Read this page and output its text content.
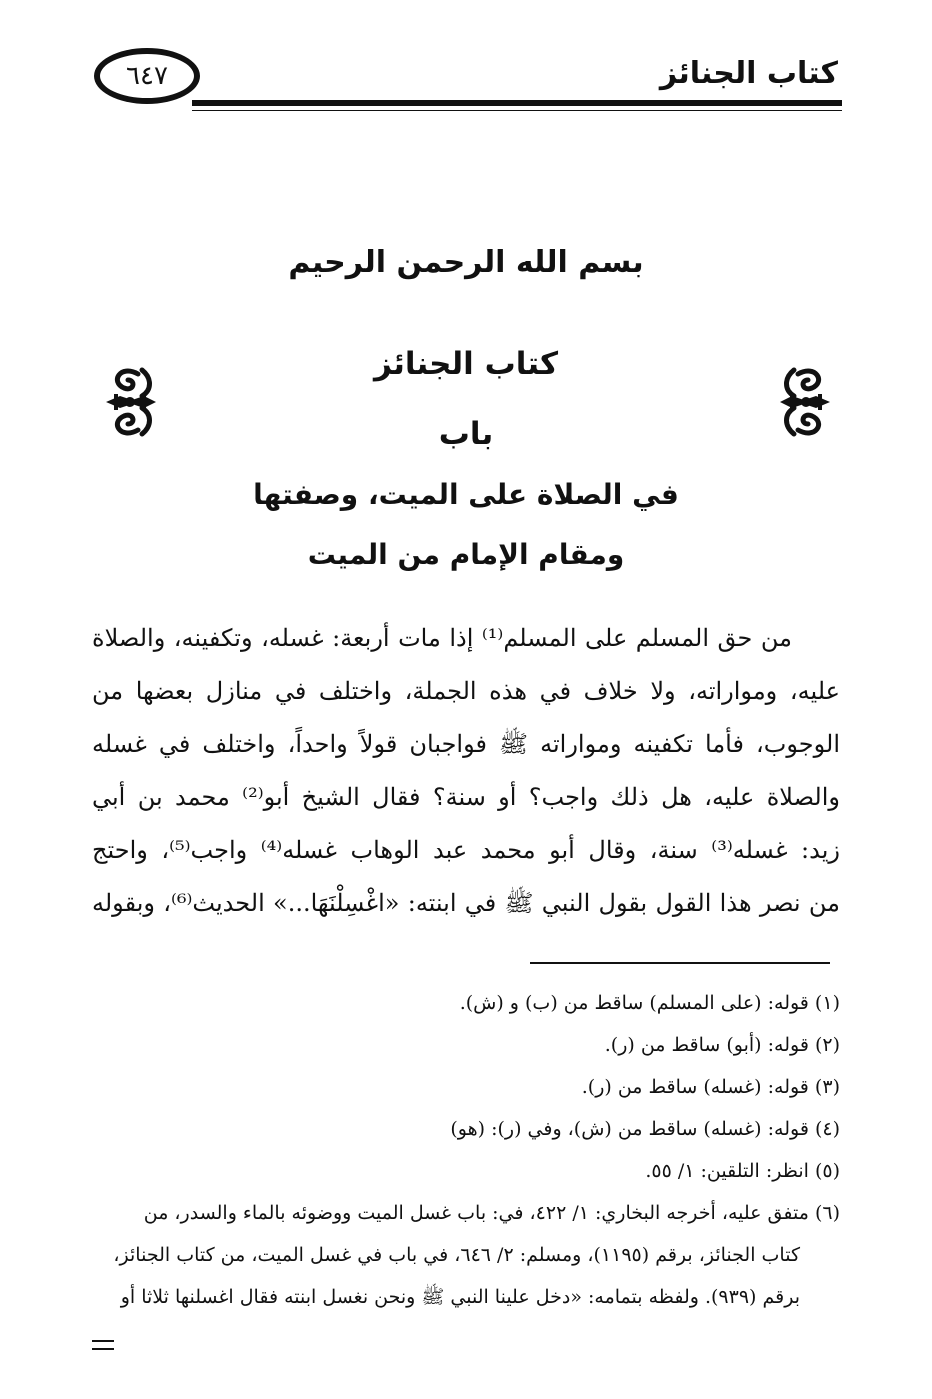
٦٤٧	كتاب الجنائز
بسم الله الرحمن الرحيم
كتاب الجنائز
باب
في الصلاة على الميت، وصفتها
ومقام الإمام من الميت
من حق المسلم على المسلم⁽¹⁾ إذا مات أربعة: غسله، وتكفينه، والصلاة
عليه، ومواراته، ولا خلاف في هذه الجملة، واختلف في منازل بعضها من
الوجوب، فأما تكفينه ومواراته ﷺ فواجبان قولاً واحداً، واختلف في غسله
والصلاة عليه، هل ذلك واجب؟ أو سنة؟ فقال الشيخ أبو⁽²⁾ محمد بن أبي
زيد: غسله⁽³⁾ سنة، وقال أبو محمد عبد الوهاب غسله⁽⁴⁾ واجب⁽⁵⁾، واحتج
من نصر هذا القول بقول النبي ﷺ في ابنته: «اغْسِلْنَهَا...» الحديث⁽⁶⁾، وبقوله
(١) قوله: (على المسلم) ساقط من (ب) و (ش).
(٢) قوله: (أبو) ساقط من (ر).
(٣) قوله: (غسله) ساقط من (ر).
(٤) قوله: (غسله) ساقط من (ش)، وفي (ر): (هو)
(٥) انظر: التلقين: ١/ ٥٥.
(٦) متفق عليه، أخرجه البخاري: ١/ ٤٢٢، في: باب غسل الميت ووضوئه بالماء والسدر، من
كتاب الجنائز، برقم (١١٩٥)، ومسلم: ٢/ ٦٤٦، في باب في غسل الميت، من كتاب الجنائز،
برقم (٩٣٩). ولفظه بتمامه: «دخل علينا النبي ﷺ ونحن نغسل ابنته فقال اغسلنها ثلاثا أو
